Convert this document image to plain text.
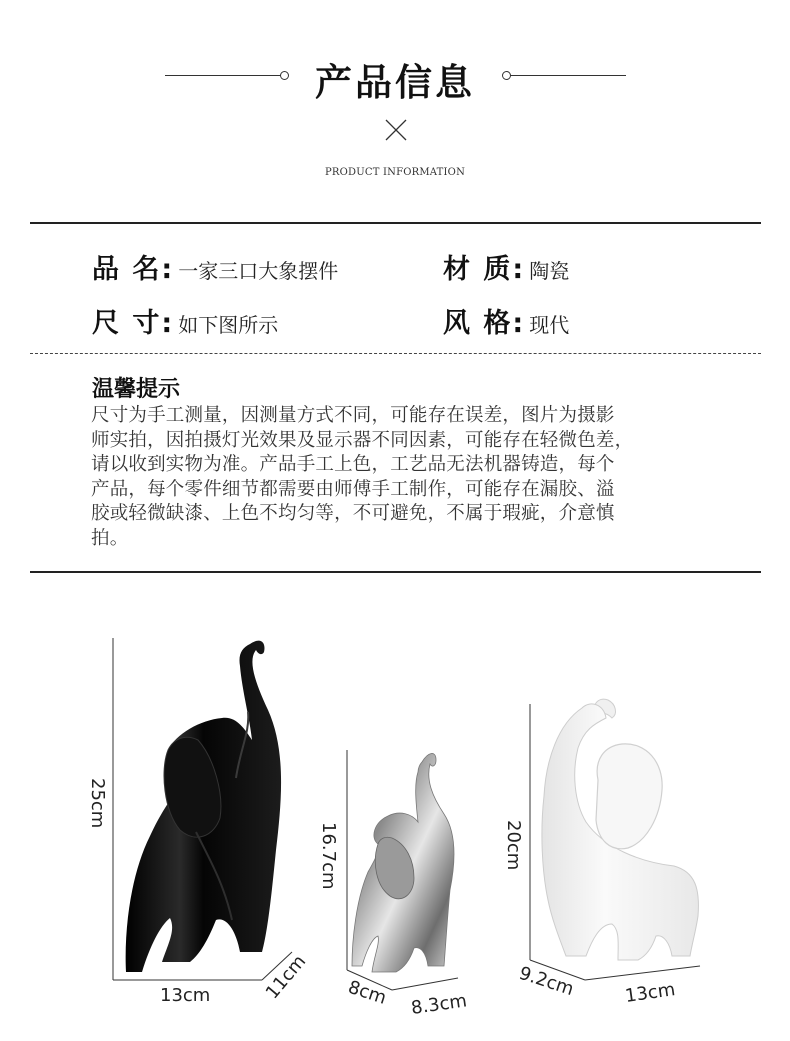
产品信息
PRODUCT INFORMATION
品 名: 一家三口大象摆件	材 质: 陶瓷
尺 寸: 如下图所示	风 格: 现代
温馨提示
尺寸为手工测量，因测量方式不同，可能存在误差，图片为摄影
师实拍，因拍摄灯光效果及显示器不同因素，可能存在轻微色差，
请以收到实物为准。产品手工上色，工艺品无法机器铸造，每个
产品，每个零件细节都需要由师傅手工制作，可能存在漏胶、溢
胶或轻微缺漆、上色不均匀等，不可避免，不属于瑕疵，介意慎
拍。
25cm
13cm	11cm
16.7cm
8cm 8.3cm
20cm
9.2cm	13cm
